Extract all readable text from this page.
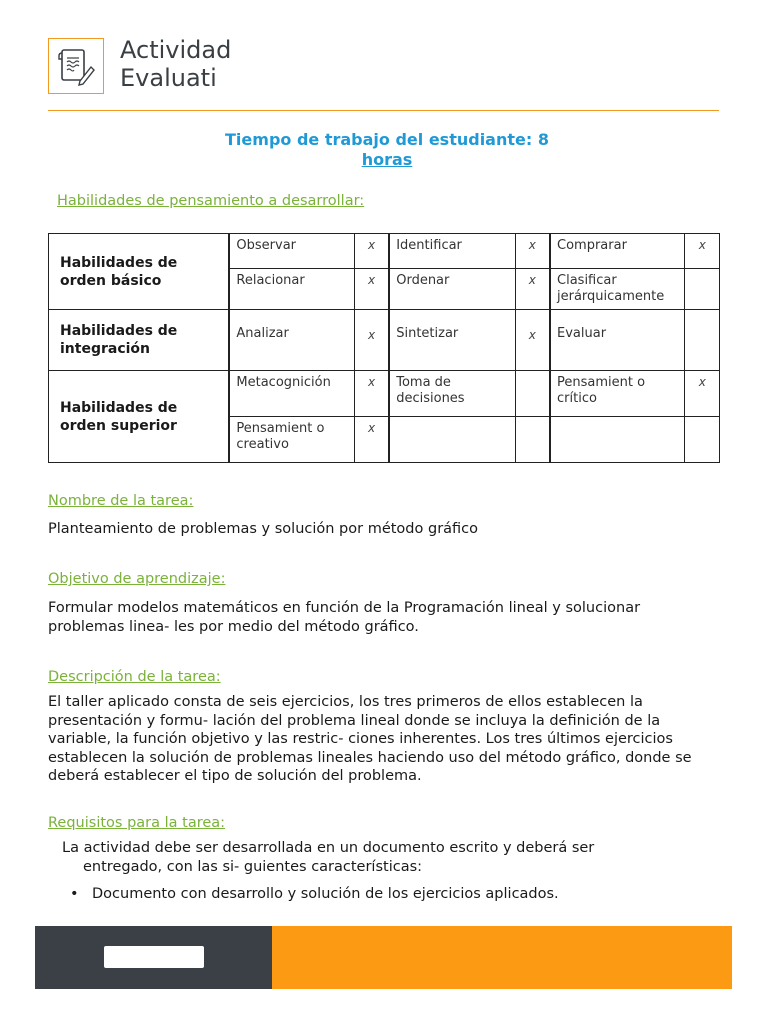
Actividad
Evaluati
Tiempo de trabajo del estudiante: 8
horas
Habilidades de pensamiento a desarrollar:
Habilidades de orden básico	Observar	x	Identificar	x	Comprarar	x
	Relacionar	x	Ordenar	x	Clasificar jerárquicamente	
Habilidades de integración	Analizar	x	Sintetizar	x	Evaluar	
Habilidades de orden superior	Metacognición	x	Toma de decisiones		Pensamient o crítico	x
	Pensamient o creativo	x				
Nombre de la tarea:
Planteamiento de problemas y solución por método gráfico
Objetivo de aprendizaje:
Formular modelos matemáticos en función de la Programación lineal y solucionar
problemas linea- les por medio del método gráfico.
Descripción de la tarea:
El taller aplicado consta de seis ejercicios, los tres primeros de ellos establecen la
presentación y formu- lación del problema lineal donde se incluya la definición de la
variable, la función objetivo y las restric- ciones inherentes. Los tres últimos ejercicios
establecen la solución de problemas lineales haciendo uso del método gráfico, donde se
deberá establecer el tipo de solución del problema.
Requisitos para la tarea:
La actividad debe ser desarrollada en un documento escrito y deberá ser
entregado, con las si- guientes características:
• Documento con desarrollo y solución de los ejercicios aplicados.
